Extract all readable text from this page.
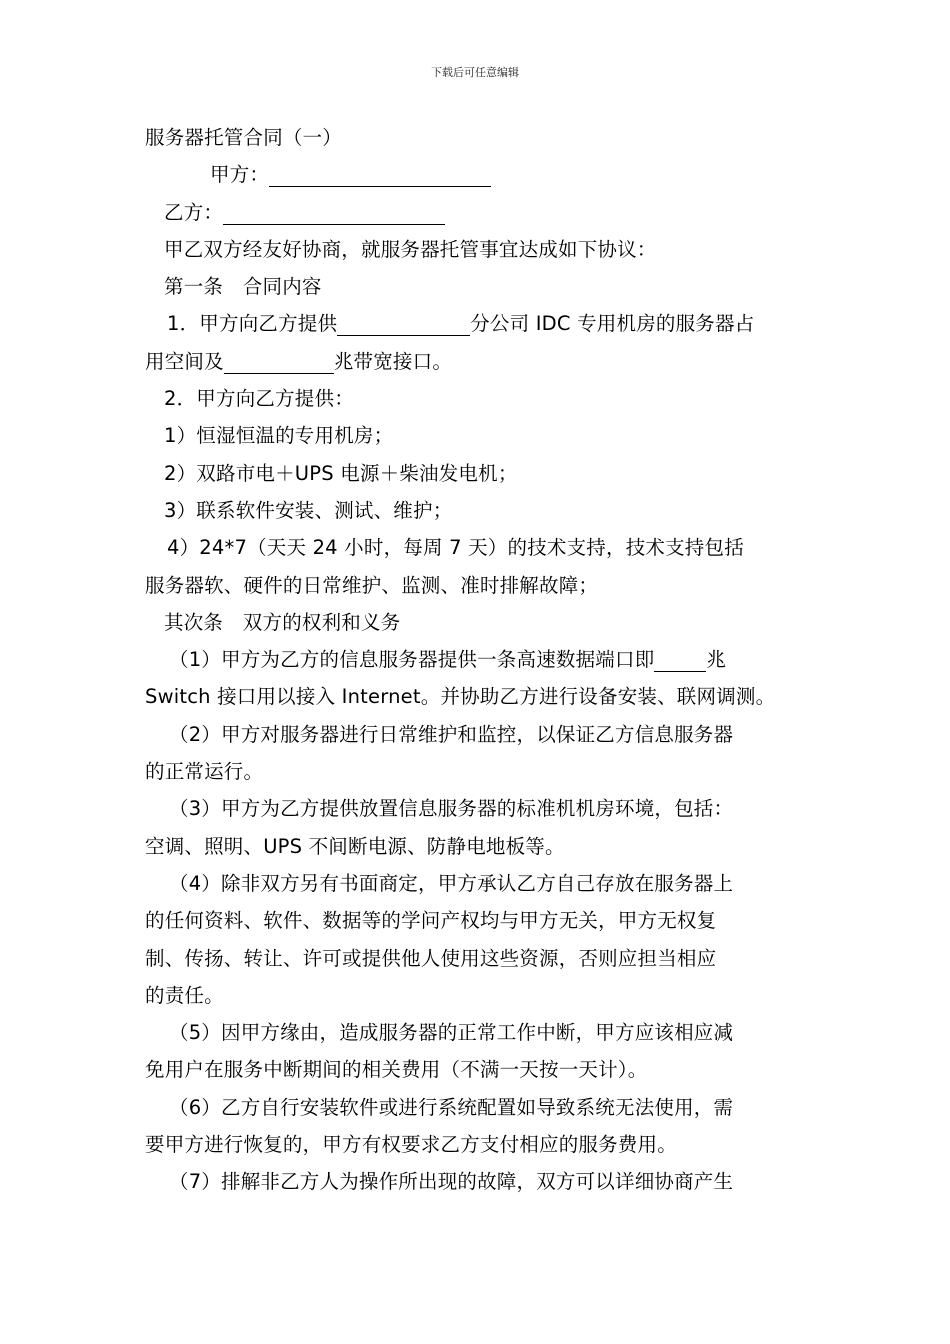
下载后可任意编辑
服务器托管合同（一）
甲方：
乙方：
甲乙双方经友好协商，就服务器托管事宜达成如下协议：
第一条　合同内容
1．甲方向乙方提供	分公司 IDC 专用机房的服务器占
用空间及	兆带宽接口。
2．甲方向乙方提供：
1）恒湿恒温的专用机房；
2）双路市电＋UPS 电源＋柴油发电机；
3）联系软件安装、测试、维护；
4）24*7（天天 24 小时，每周 7 天）的技术支持，技术支持包括
服务器软、硬件的日常维护、监测、准时排解故障；
其次条　双方的权利和义务
（1）甲方为乙方的信息服务器提供一条高速数据端口即	兆
Switch 接口用以接入 Internet。并协助乙方进行设备安装、联网调测。
（2）甲方对服务器进行日常维护和监控，以保证乙方信息服务器
的正常运行。
（3）甲方为乙方提供放置信息服务器的标准机机房环境，包括：
空调、照明、UPS 不间断电源、防静电地板等。
（4）除非双方另有书面商定，甲方承认乙方自己存放在服务器上
的任何资料、软件、数据等的学问产权均与甲方无关，甲方无权复
制、传扬、转让、许可或提供他人使用这些资源，否则应担当相应
的责任。
（5）因甲方缘由，造成服务器的正常工作中断，甲方应该相应减
免用户在服务中断期间的相关费用（不满一天按一天计）。
（6）乙方自行安装软件或进行系统配置如导致系统无法使用，需
要甲方进行恢复的，甲方有权要求乙方支付相应的服务费用。
（7）排解非乙方人为操作所出现的故障，双方可以详细协商产生
